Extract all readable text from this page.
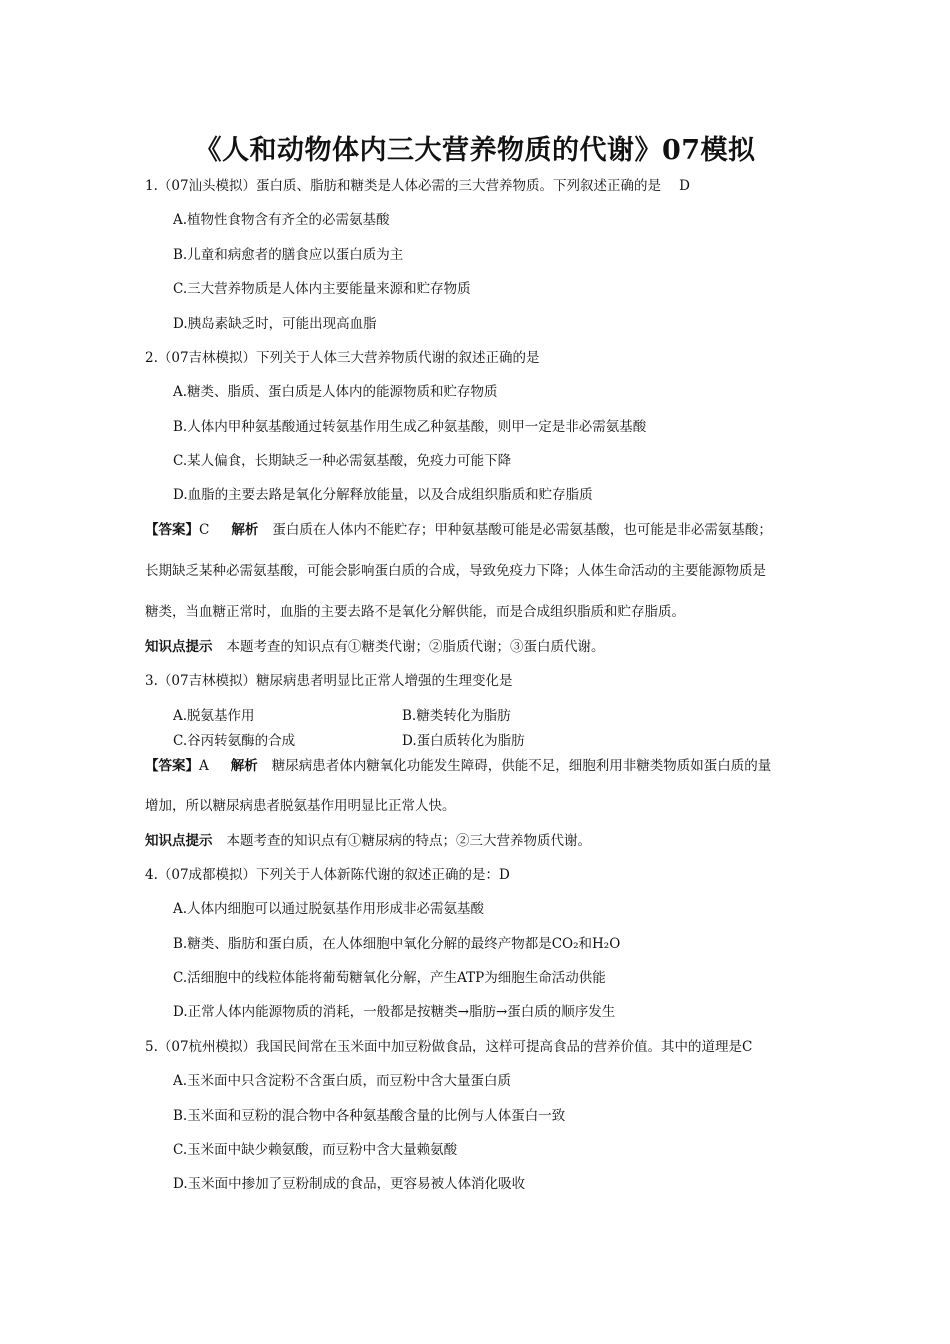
《人和动物体内三大营养物质的代谢》07模拟
1.（07汕头模拟）蛋白质、脂肪和糖类是人体必需的三大营养物质。下列叙述正确的是 D
A.植物性食物含有齐全的必需氨基酸
B.儿童和病愈者的膳食应以蛋白质为主
C.三大营养物质是人体内主要能量来源和贮存物质
D.胰岛素缺乏时，可能出现高血脂
2.（07吉林模拟）下列关于人体三大营养物质代谢的叙述正确的是
A.糖类、脂质、蛋白质是人体内的能源物质和贮存物质
B.人体内甲种氨基酸通过转氨基作用生成乙种氨基酸，则甲一定是非必需氨基酸
C.某人偏食，长期缺乏一种必需氨基酸，免疫力可能下降
D.血脂的主要去路是氧化分解释放能量，以及合成组织脂质和贮存脂质
【答案】C 解析 蛋白质在人体内不能贮存；甲种氨基酸可能是必需氨基酸，也可能是非必需氨基酸；
长期缺乏某种必需氨基酸，可能会影响蛋白质的合成，导致免疫力下降；人体生命活动的主要能源物质是
糖类，当血糖正常时，血脂的主要去路不是氧化分解供能，而是合成组织脂质和贮存脂质。
知识点提示 本题考查的知识点有①糖类代谢；②脂质代谢；③蛋白质代谢。
3.（07吉林模拟）糖尿病患者明显比正常人增强的生理变化是
A.脱氨基作用	B.糖类转化为脂肪
C.谷丙转氨酶的合成	D.蛋白质转化为脂肪
【答案】A 解析 糖尿病患者体内糖氧化功能发生障碍，供能不足，细胞利用非糖类物质如蛋白质的量
增加，所以糖尿病患者脱氨基作用明显比正常人快。
知识点提示 本题考查的知识点有①糖尿病的特点；②三大营养物质代谢。
4.（07成都模拟）下列关于人体新陈代谢的叙述正确的是：D
A.人体内细胞可以通过脱氨基作用形成非必需氨基酸
B.糖类、脂肪和蛋白质，在人体细胞中氧化分解的最终产物都是CO₂和H₂O
C.活细胞中的线粒体能将葡萄糖氧化分解，产生ATP为细胞生命活动供能
D.正常人体内能源物质的消耗，一般都是按糖类→脂肪→蛋白质的顺序发生
5.（07杭州模拟）我国民间常在玉米面中加豆粉做食品，这样可提高食品的营养价值。其中的道理是C
A.玉米面中只含淀粉不含蛋白质，而豆粉中含大量蛋白质
B.玉米面和豆粉的混合物中各种氨基酸含量的比例与人体蛋白一致
C.玉米面中缺少赖氨酸，而豆粉中含大量赖氨酸
D.玉米面中掺加了豆粉制成的食品，更容易被人体消化吸收
